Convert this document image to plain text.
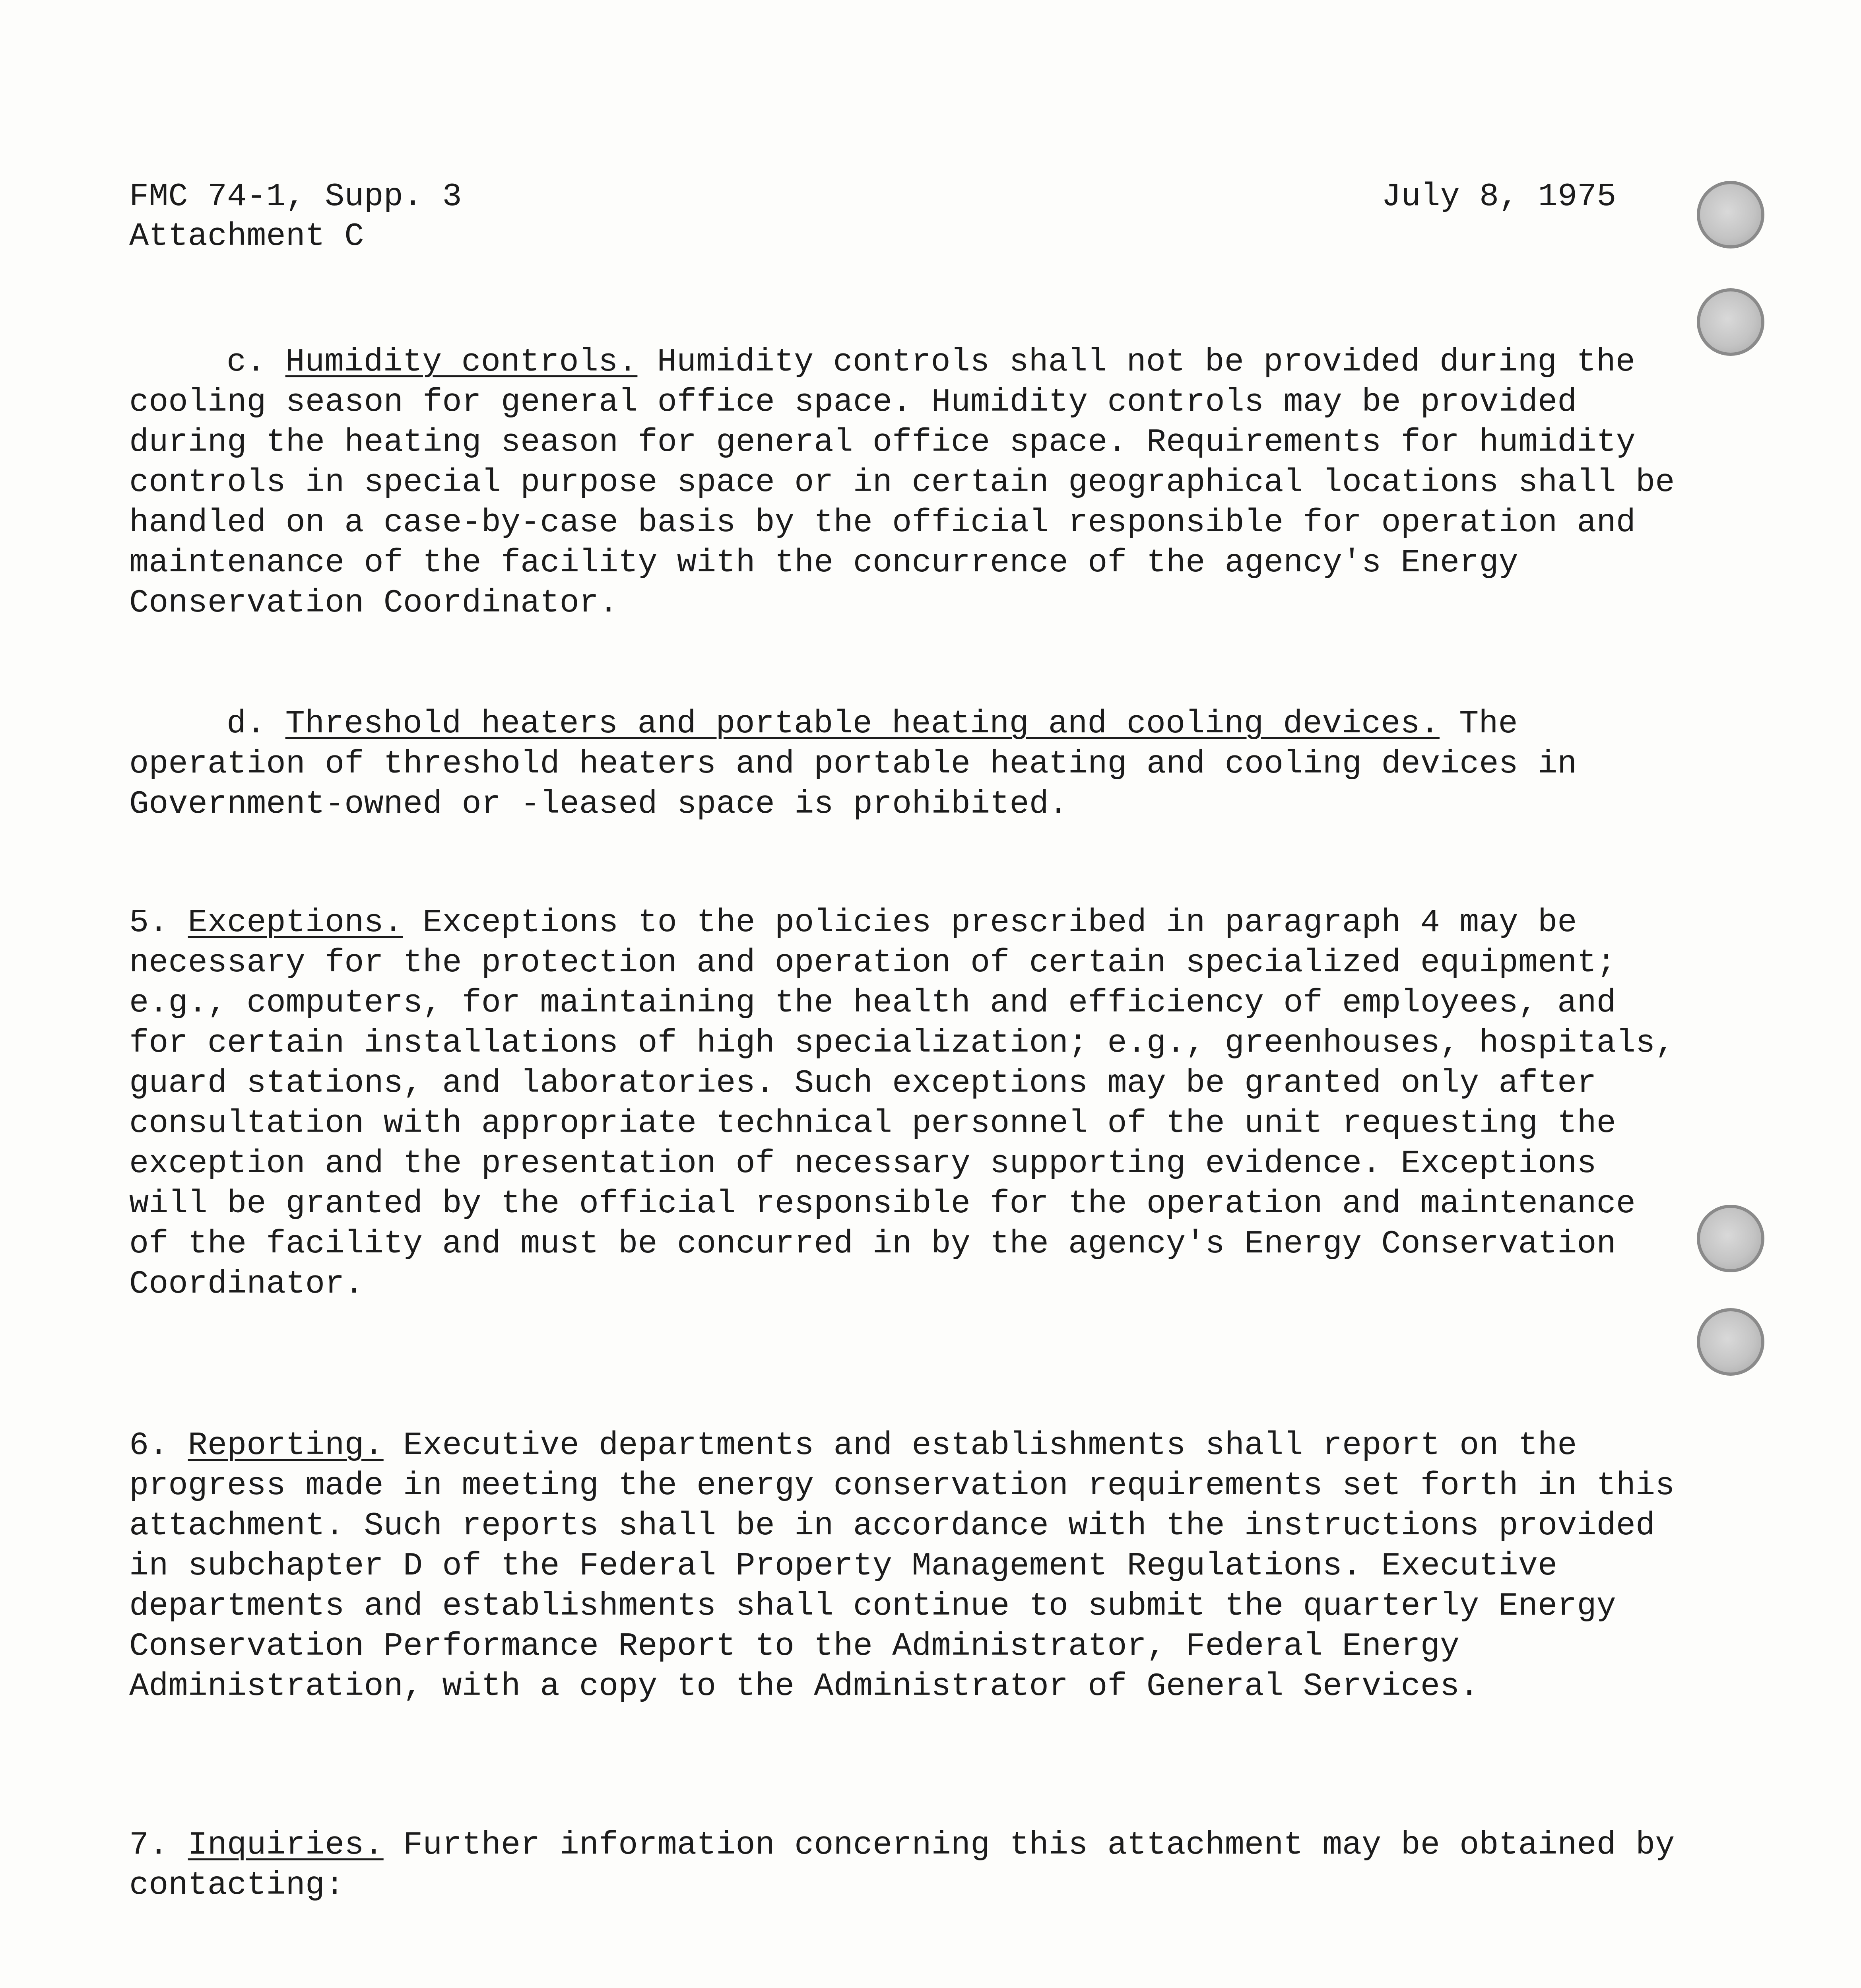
FMC 74-1, Supp. 3
Attachment C
July 8, 1975

c. Humidity controls. Humidity controls shall not be provided during the cooling season for general office space. Humidity controls may be provided during the heating season for general office space. Requirements for humidity controls in special purpose space or in certain geographical locations shall be handled on a case-by-case basis by the official responsible for operation and maintenance of the facility with the concurrence of the agency's Energy Conservation Coordinator.

d. Threshold heaters and portable heating and cooling devices. The operation of threshold heaters and portable heating and cooling devices in Government-owned or -leased space is prohibited.

5. Exceptions. Exceptions to the policies prescribed in paragraph 4 may be necessary for the protection and operation of certain specialized equipment; e.g., computers, for maintaining the health and efficiency of employees, and for certain installations of high specialization; e.g., greenhouses, hospitals, guard stations, and laboratories. Such exceptions may be granted only after consultation with appropriate technical personnel of the unit requesting the exception and the presentation of necessary supporting evidence. Exceptions will be granted by the official responsible for the operation and maintenance of the facility and must be concurred in by the agency's Energy Conservation Coordinator.

6. Reporting. Executive departments and establishments shall report on the progress made in meeting the energy conservation requirements set forth in this attachment. Such reports shall be in accordance with the instructions provided in subchapter D of the Federal Property Management Regulations. Executive departments and establishments shall continue to submit the quarterly Energy Conservation Performance Report to the Administrator, Federal Energy Administration, with a copy to the Administrator of General Services.

7. Inquiries. Further information concerning this attachment may be obtained by contacting:
